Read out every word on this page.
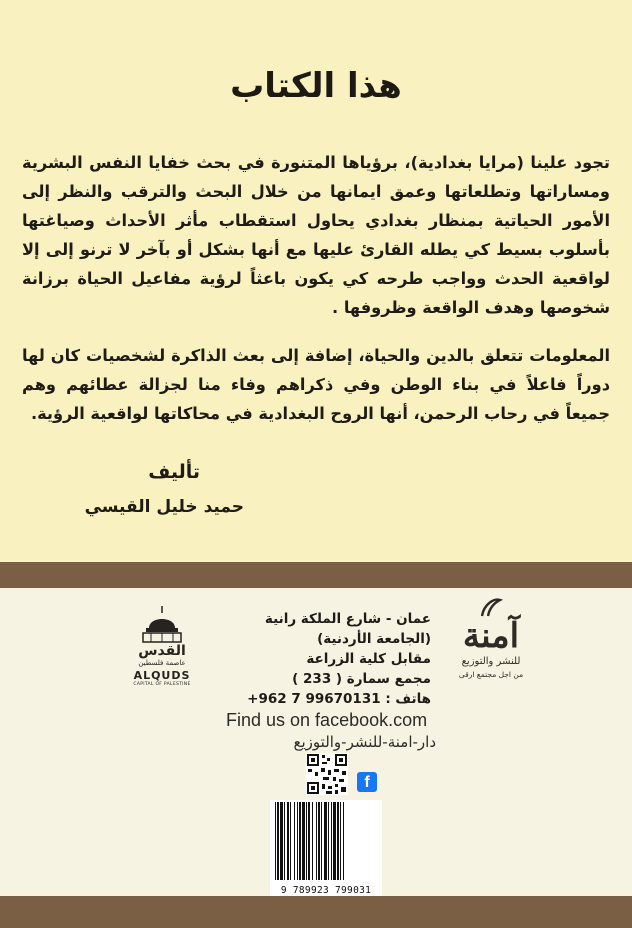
هذا الكتاب

تجود علينا (مرايا بغدادية)، برؤياها المتنورة في بحث خفايا النفس البشرية ومساراتها وتطلعاتها وعمق ايمانها من خلال البحث والترقب والنظر إلى الأمور الحياتية بمنظار بغدادي يحاول استقطاب مأثر الأحداث وصياغتها بأسلوب بسيط كي يطله القارئ عليها مع أنها بشكل أو بآخر لا ترنو إلى إلا لواقعية الحدث وواجب طرحه كي يكون باعثاً لرؤية مفاعيل الحياة برزانة شخوصها وهدف الواقعة وظروفها .

المعلومات تتعلق بالدين والحياة، إضافة إلى بعث الذاكرة لشخصيات كان لها دوراً فاعلاً في بناء الوطن وفي ذكراهم وفاء منا لجزالة عطائهم وهم جميعاً في رحاب الرحمن، أنها الروح البغدادية في محاكاتها لواقعية الرؤية.

تأليف
حميد خليل القيسي
آمنة
للنشر والتوزيع
من اجل مجتمع ارقى
عمان - شارع الملكة رانية
(الجامعة الأردنية)
مقابل كلية الزراعة
مجمع سمارة ( 233 )
هاتف : 99670131 7 962+
القدس
عاصمة فلسطين
ALQUDS
CAPITAL OF PALESTINE
Find us on facebook.com
دار-امنة-للنشر-والتوزيع
f
9 789923 799031
